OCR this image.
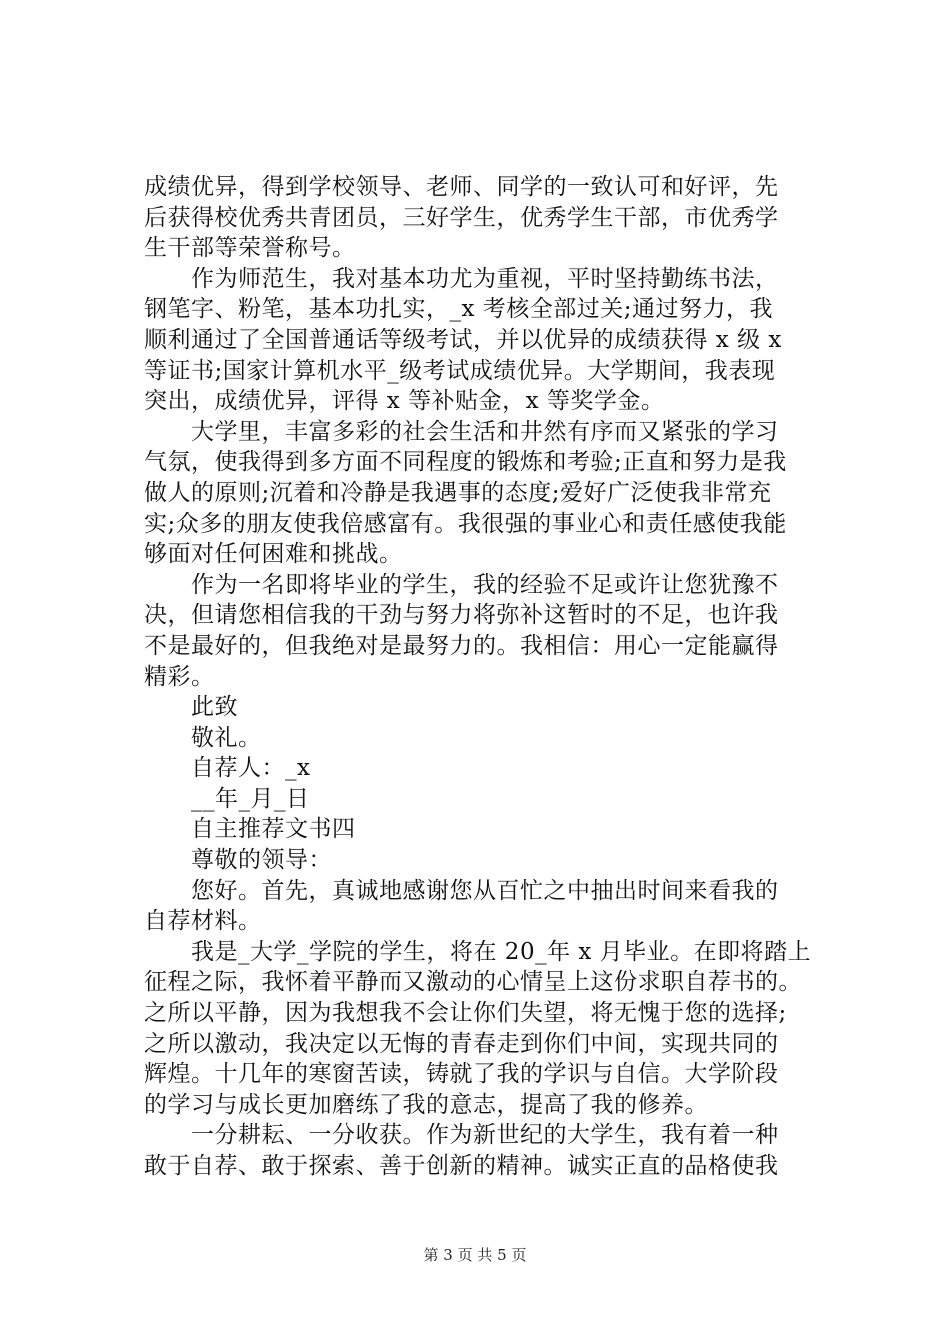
成绩优异，得到学校领导、老师、同学的一致认可和好评，先
后获得校优秀共青团员，三好学生，优秀学生干部，市优秀学
生干部等荣誉称号。
　　作为师范生，我对基本功尤为重视，平时坚持勤练书法，
钢笔字、粉笔，基本功扎实，_x 考核全部过关;通过努力，我
顺利通过了全国普通话等级考试，并以优异的成绩获得 x 级 x
等证书;国家计算机水平_级考试成绩优异。大学期间，我表现
突出，成绩优异，评得 x 等补贴金，x 等奖学金。
　　大学里，丰富多彩的社会生活和井然有序而又紧张的学习
气氛，使我得到多方面不同程度的锻炼和考验;正直和努力是我
做人的原则;沉着和冷静是我遇事的态度;爱好广泛使我非常充
实;众多的朋友使我倍感富有。我很强的事业心和责任感使我能
够面对任何困难和挑战。
　　作为一名即将毕业的学生，我的经验不足或许让您犹豫不
决，但请您相信我的干劲与努力将弥补这暂时的不足，也许我
不是最好的，但我绝对是最努力的。我相信：用心一定能赢得
精彩。
　　此致
　　敬礼。
　　自荐人：_x
　　__年_月_日
　　自主推荐文书四
　　尊敬的领导：
　　您好。首先，真诚地感谢您从百忙之中抽出时间来看我的
自荐材料。
　　我是_大学_学院的学生，将在 20_年 x 月毕业。在即将踏上
征程之际，我怀着平静而又激动的心情呈上这份求职自荐书的。
之所以平静，因为我想我不会让你们失望，将无愧于您的选择;
之所以激动，我决定以无悔的青春走到你们中间，实现共同的
辉煌。十几年的寒窗苦读，铸就了我的学识与自信。大学阶段
的学习与成长更加磨练了我的意志，提高了我的修养。
　　一分耕耘、一分收获。作为新世纪的大学生，我有着一种
敢于自荐、敢于探索、善于创新的精神。诚实正直的品格使我
第 3 页 共 5 页
